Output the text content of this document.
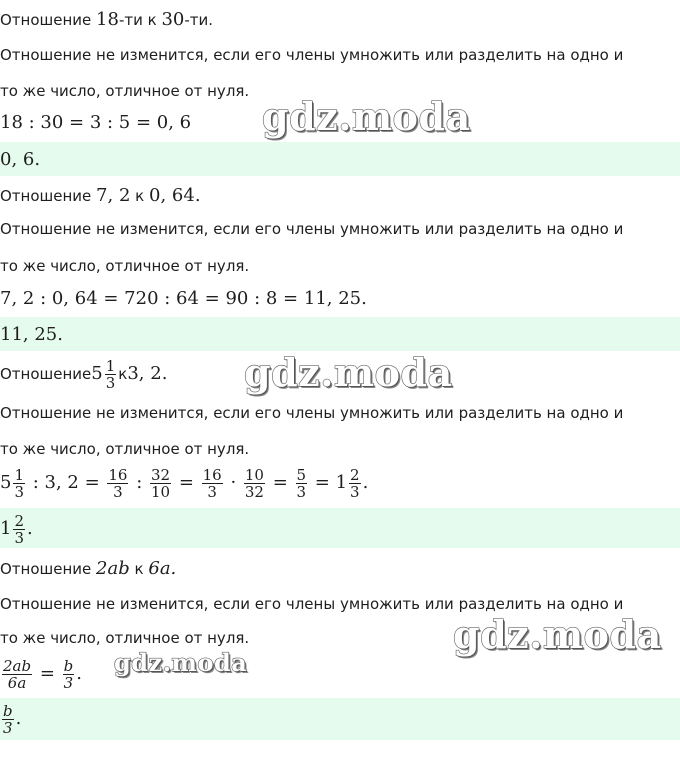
Отношение 18-ти к 30-ти.
Отношение не изменится, если его члены умножить или разделить на одно и
то же число, отличное от нуля.
18 : 30 = 3 : 5 = 0, 6 gdz.moda
0, 6.
Отношение 7, 2 к 0, 64.
Отношение не изменится, если его члены умножить или разделить на одно и
то же число, отличное от нуля.
7, 2 : 0, 64 = 720 : 64 = 90 : 8 = 11, 25.
11, 25.
Отношение $5 \frac{1}{3}$ к 3, 2. gdz.moda
Отношение не изменится, если его члены умножить или разделить на одно и
то же число, отличное от нуля.
$5 \frac{1}{3}$ : 3, $2 = \frac{16}{3}$ : $\frac{32}{10} = \frac{16}{3} \cdot \frac{10}{32} = \frac{5}{3} = 1 \frac{2}{3}$ .
$1 \frac{2}{3}$ .
Отношение 2ab к 6a.
Отношение не изменится, если его члены умножить или разделить на одно и
то же число, отличное от нуля.	gdz.moda
$\frac{2ab}{6a} = \frac{b}{3}$ . gdz.moda
$\frac{b}{3}$ .
